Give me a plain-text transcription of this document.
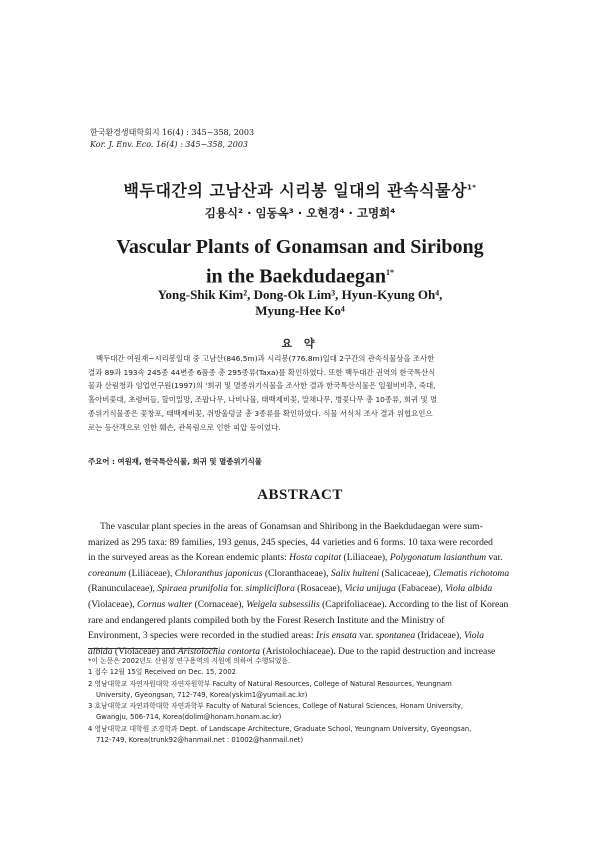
한국환경생태학회지 16(4) : 345~358, 2003
Kor. J. Env. Eco. 16(4) : 345~358, 2003
백두대간의 고남산과 시리봉 일대의 관속식물상$^{1*}$
김용식² · 임동옥³ · 오현경⁴ · 고명희⁴
Vascular Plants of Gonamsan and Siribong
in the Baekdudaegan$^{1*}$
Yong-Shik Kim², Dong-Ok Lim³, Hyun-Kyung Oh⁴,
Myung-Hee Ko⁴
요 약
백두대간 여원재~시리봉일대 중 고남산(846.5m)과 시리봉(776.8m)일대 2구간의 관속식물상을 조사한
결과 89과 193속 245종 44변종 6품종 총 295종류(Taxa)를 확인하였다. 또한 백두대간 권역의 한국특산식
물과 산림청과 임업연구원(1997)의 '희귀 및 멸종위기식물을 조사한 결과 한국특산식물은 일월비비추, 죽대,
홀아비꽃대, 초령버들, 할미밀망, 조팝나무, 나비나물, 태백제비꽃, 말채나무, 병꽃나무 총 10종류, 희귀 및 멸
종위기식물종은 꽃창포, 태백제비꽃, 쥐방울덩굴 총 3종류를 확인하였다. 식물 서식처 조사 결과 위협요인으
로는 등산객으로 인한 훼손, 관목림으로 인한 피압 등이었다.
주요어 : 여원재, 한국특산식물, 희귀 및 멸종위기식물
ABSTRACT
The vascular plant species in the areas of Gonamsan and Shiribong in the Baekdudaegan were sum-
marized as 295 taxa: 89 families, 193 genus, 245 species, 44 varieties and 6 forms. 10 taxa were recorded
in the surveyed areas as the Korean endemic plants: Hosta capitat (Liliaceae), Polygonatum lasianthum var.
coreanum (Liliaceae), Chloranthus japonicus (Cloranthaceae), Salix hulteni (Salicaceae), Clematis richotoma
(Ranunculaceae), Spiraea prunifolia for. simpliciflora (Rosaceae), Vicia unijuga (Fabaceae), Viola albida
(Violaceae), Cornus walter (Cornaceae), Weigela subsessilis (Caprifoliaceae). According to the list of Korean
rare and endangered plants compiled both by the Forest Reserch Institute and the Ministry of
Environment, 3 species were recorded in the studied areas: Iris ensata var. spontanea (Iridaceae), Viola
albida (Violaceae) and Aristolochia contorta (Aristolochiaceae). Due to the rapid destruction and increase
*이 논문은 2002년도 산림청 연구용역의 지원에 의하여 수행되었음.
1 접수 12월 15일 Received on Dec. 15, 2002
2 영남대학교 자연자원대학 자연자원학부 Faculty of Natural Resources, College of Natural Resources, Yeungnam
University, Gyeongsan, 712-749, Korea(yskim1@yumail.ac.kr)
3 호남대학교 자연과학대학 자연과학부 Faculty of Natural Sciences, College of Natural Sciences, Honam University,
Gwangju, 506-714, Korea(dolim@honam.honam.ac.kr)
4 영남대학교 대학원 조경학과 Dept. of Landscape Architecture, Graduate School, Yeungnam University, Gyeongsan,
712-749, Korea(trunk92@hanmail.net : 01002@hanmail.net)
